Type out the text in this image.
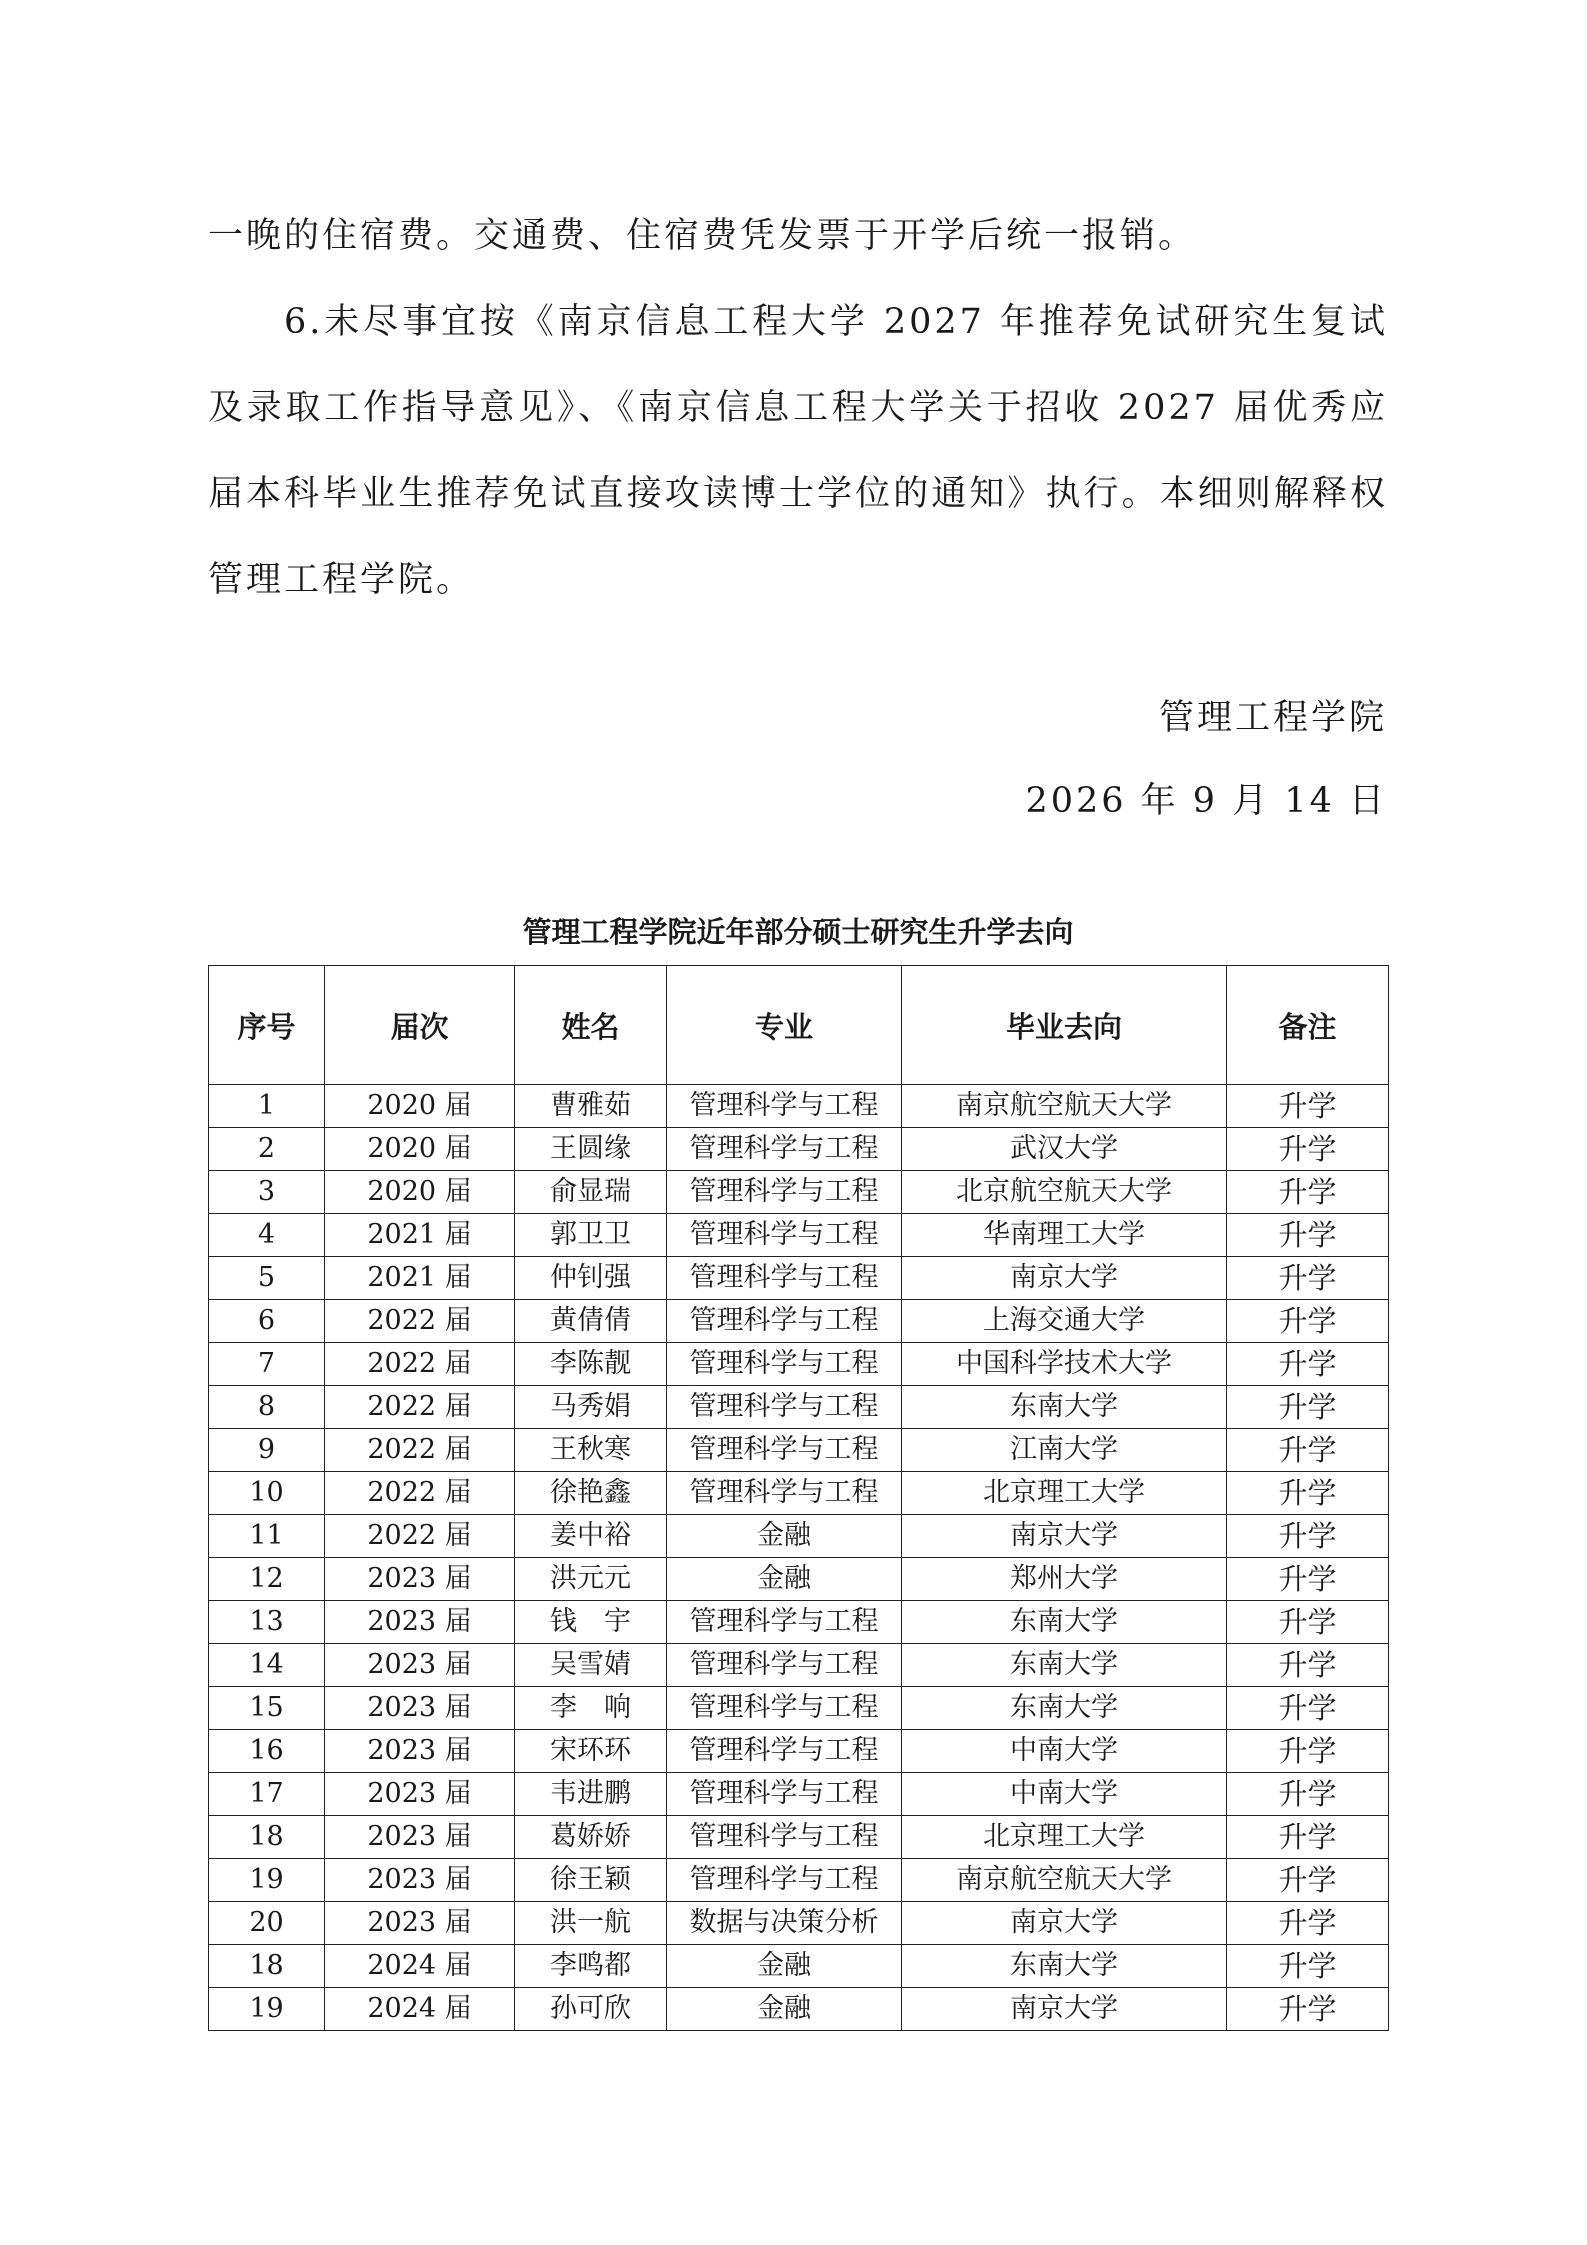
一晚的住宿费。交通费、住宿费凭发票于开学后统一报销。

6.未尽事宜按《南京信息工程大学 2027 年推荐免试研究生复试及录取工作指导意见》、《南京信息工程大学关于招收 2027 届优秀应届本科毕业生推荐免试直接攻读博士学位的通知》执行。本细则解释权管理工程学院。

管理工程学院

2026 年 9 月 14 日

管理工程学院近年部分硕士研究生升学去向

序号	届次	姓名	专业	毕业去向	备注
1	2020 届	曹雅茹	管理科学与工程	南京航空航天大学	升学
2	2020 届	王圆缘	管理科学与工程	武汉大学	升学
3	2020 届	俞显瑞	管理科学与工程	北京航空航天大学	升学
4	2021 届	郭卫卫	管理科学与工程	华南理工大学	升学
5	2021 届	仲钊强	管理科学与工程	南京大学	升学
6	2022 届	黄倩倩	管理科学与工程	上海交通大学	升学
7	2022 届	李陈靓	管理科学与工程	中国科学技术大学	升学
8	2022 届	马秀娟	管理科学与工程	东南大学	升学
9	2022 届	王秋寒	管理科学与工程	江南大学	升学
10	2022 届	徐艳鑫	管理科学与工程	北京理工大学	升学
11	2022 届	姜中裕	金融	南京大学	升学
12	2023 届	洪元元	金融	郑州大学	升学
13	2023 届	钱　宇	管理科学与工程	东南大学	升学
14	2023 届	吴雪婧	管理科学与工程	东南大学	升学
15	2023 届	李　响	管理科学与工程	东南大学	升学
16	2023 届	宋环环	管理科学与工程	中南大学	升学
17	2023 届	韦进鹏	管理科学与工程	中南大学	升学
18	2023 届	葛娇娇	管理科学与工程	北京理工大学	升学
19	2023 届	徐王颖	管理科学与工程	南京航空航天大学	升学
20	2023 届	洪一航	数据与决策分析	南京大学	升学
18	2024 届	李鸣都	金融	东南大学	升学
19	2024 届	孙可欣	金融	南京大学	升学
